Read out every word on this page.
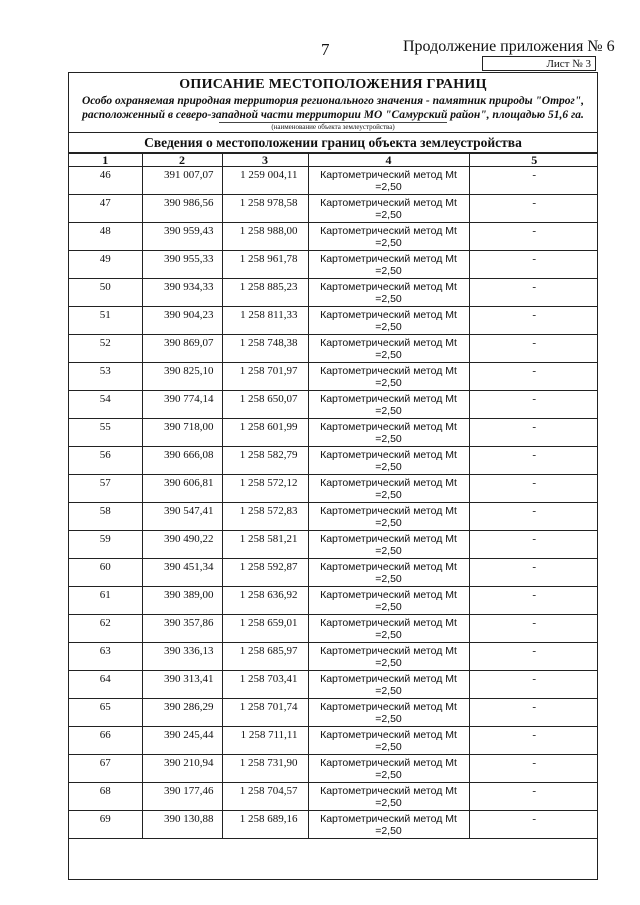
7	Продолжение приложения № 6
Лист № 3
ОПИСАНИЕ МЕСТОПОЛОЖЕНИЯ ГРАНИЦ
Особо охраняемая природная территория регионального значения - памятник природы "Отрог", расположенный в северо-западной части территории МО "Самурский район", площадью 51,6 га.
(наименование объекта землеустройства)
Сведения о местоположении границ объекта землеустройства
1	2	3	4	5
46	391 007,07	1 259 004,11	Картометрический метод Mt =2,50	-
47	390 986,56	1 258 978,58	Картометрический метод Mt =2,50	-
48	390 959,43	1 258 988,00	Картометрический метод Mt =2,50	-
49	390 955,33	1 258 961,78	Картометрический метод Mt =2,50	-
50	390 934,33	1 258 885,23	Картометрический метод Mt =2,50	-
51	390 904,23	1 258 811,33	Картометрический метод Mt =2,50	-
52	390 869,07	1 258 748,38	Картометрический метод Mt =2,50	-
53	390 825,10	1 258 701,97	Картометрический метод Mt =2,50	-
54	390 774,14	1 258 650,07	Картометрический метод Mt =2,50	-
55	390 718,00	1 258 601,99	Картометрический метод Mt =2,50	-
56	390 666,08	1 258 582,79	Картометрический метод Mt =2,50	-
57	390 606,81	1 258 572,12	Картометрический метод Mt =2,50	-
58	390 547,41	1 258 572,83	Картометрический метод Mt =2,50	-
59	390 490,22	1 258 581,21	Картометрический метод Mt =2,50	-
60	390 451,34	1 258 592,87	Картометрический метод Mt =2,50	-
61	390 389,00	1 258 636,92	Картометрический метод Mt =2,50	-
62	390 357,86	1 258 659,01	Картометрический метод Mt =2,50	-
63	390 336,13	1 258 685,97	Картометрический метод Mt =2,50	-
64	390 313,41	1 258 703,41	Картометрический метод Mt =2,50	-
65	390 286,29	1 258 701,74	Картометрический метод Mt =2,50	-
66	390 245,44	1 258 711,11	Картометрический метод Mt =2,50	-
67	390 210,94	1 258 731,90	Картометрический метод Mt =2,50	-
68	390 177,46	1 258 704,57	Картометрический метод Mt =2,50	-
69	390 130,88	1 258 689,16	Картометрический метод Mt =2,50	-
